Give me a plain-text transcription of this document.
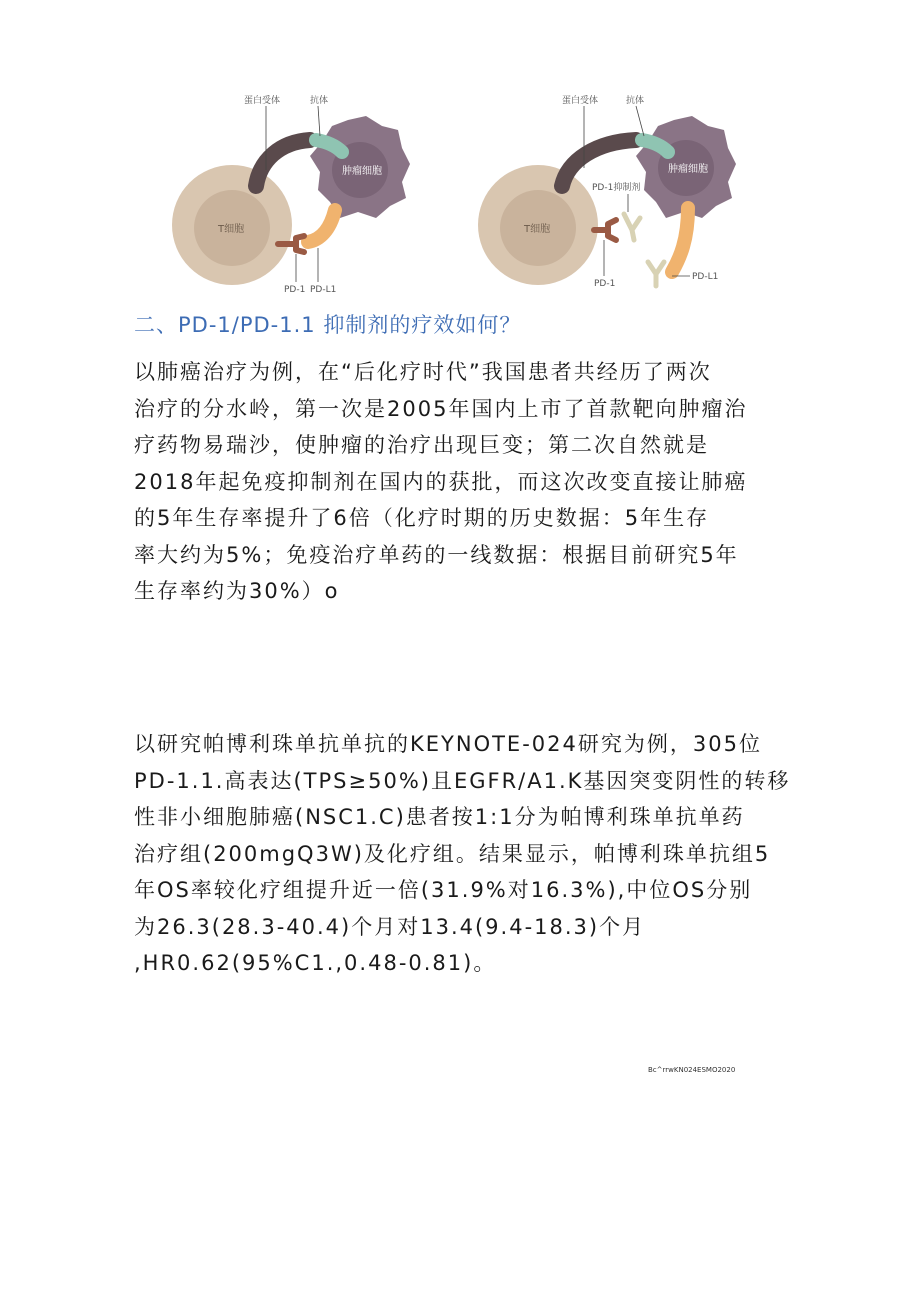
T细胞
肿瘤细胞
蛋白受体	抗体
PD-1 PD-L1
T细胞
肿瘤细胞
蛋白受体	抗体
PD-1抑制剂
PD-1
PD-L1
二、PD-1/PD-1.1 抑制剂的疗效如何？
以肺癌治疗为例，在“后化疗时代”我国患者共经历了两次
治疗的分水岭，第一次是2005年国内上市了首款靶向肿瘤治
疗药物易瑞沙，使肿瘤的治疗出现巨变；第二次自然就是
2018年起免疫抑制剂在国内的获批，而这次改变直接让肺癌
的5年生存率提升了6倍（化疗时期的历史数据：5年生存
率大约为5%；免疫治疗单药的一线数据：根据目前研究5年
生存率约为30%）o
以研究帕博利珠单抗单抗的KEYNOTE-024研究为例，305位
PD-1.1.高表达(TPS≥50%)且EGFR/A1.K基因突变阴性的转移
性非小细胞肺癌(NSC1.C)患者按1:1分为帕博利珠单抗单药
治疗组(200mgQ3W)及化疗组。结果显示，帕博利珠单抗组5
年OS率较化疗组提升近一倍(31.9%对16.3%),中位OS分别
为26.3(28.3-40.4)个月对13.4(9.4-18.3)个月
,HR0.62(95%C1.,0.48-0.81)。
Bc^rrwKN024ESMO2020
